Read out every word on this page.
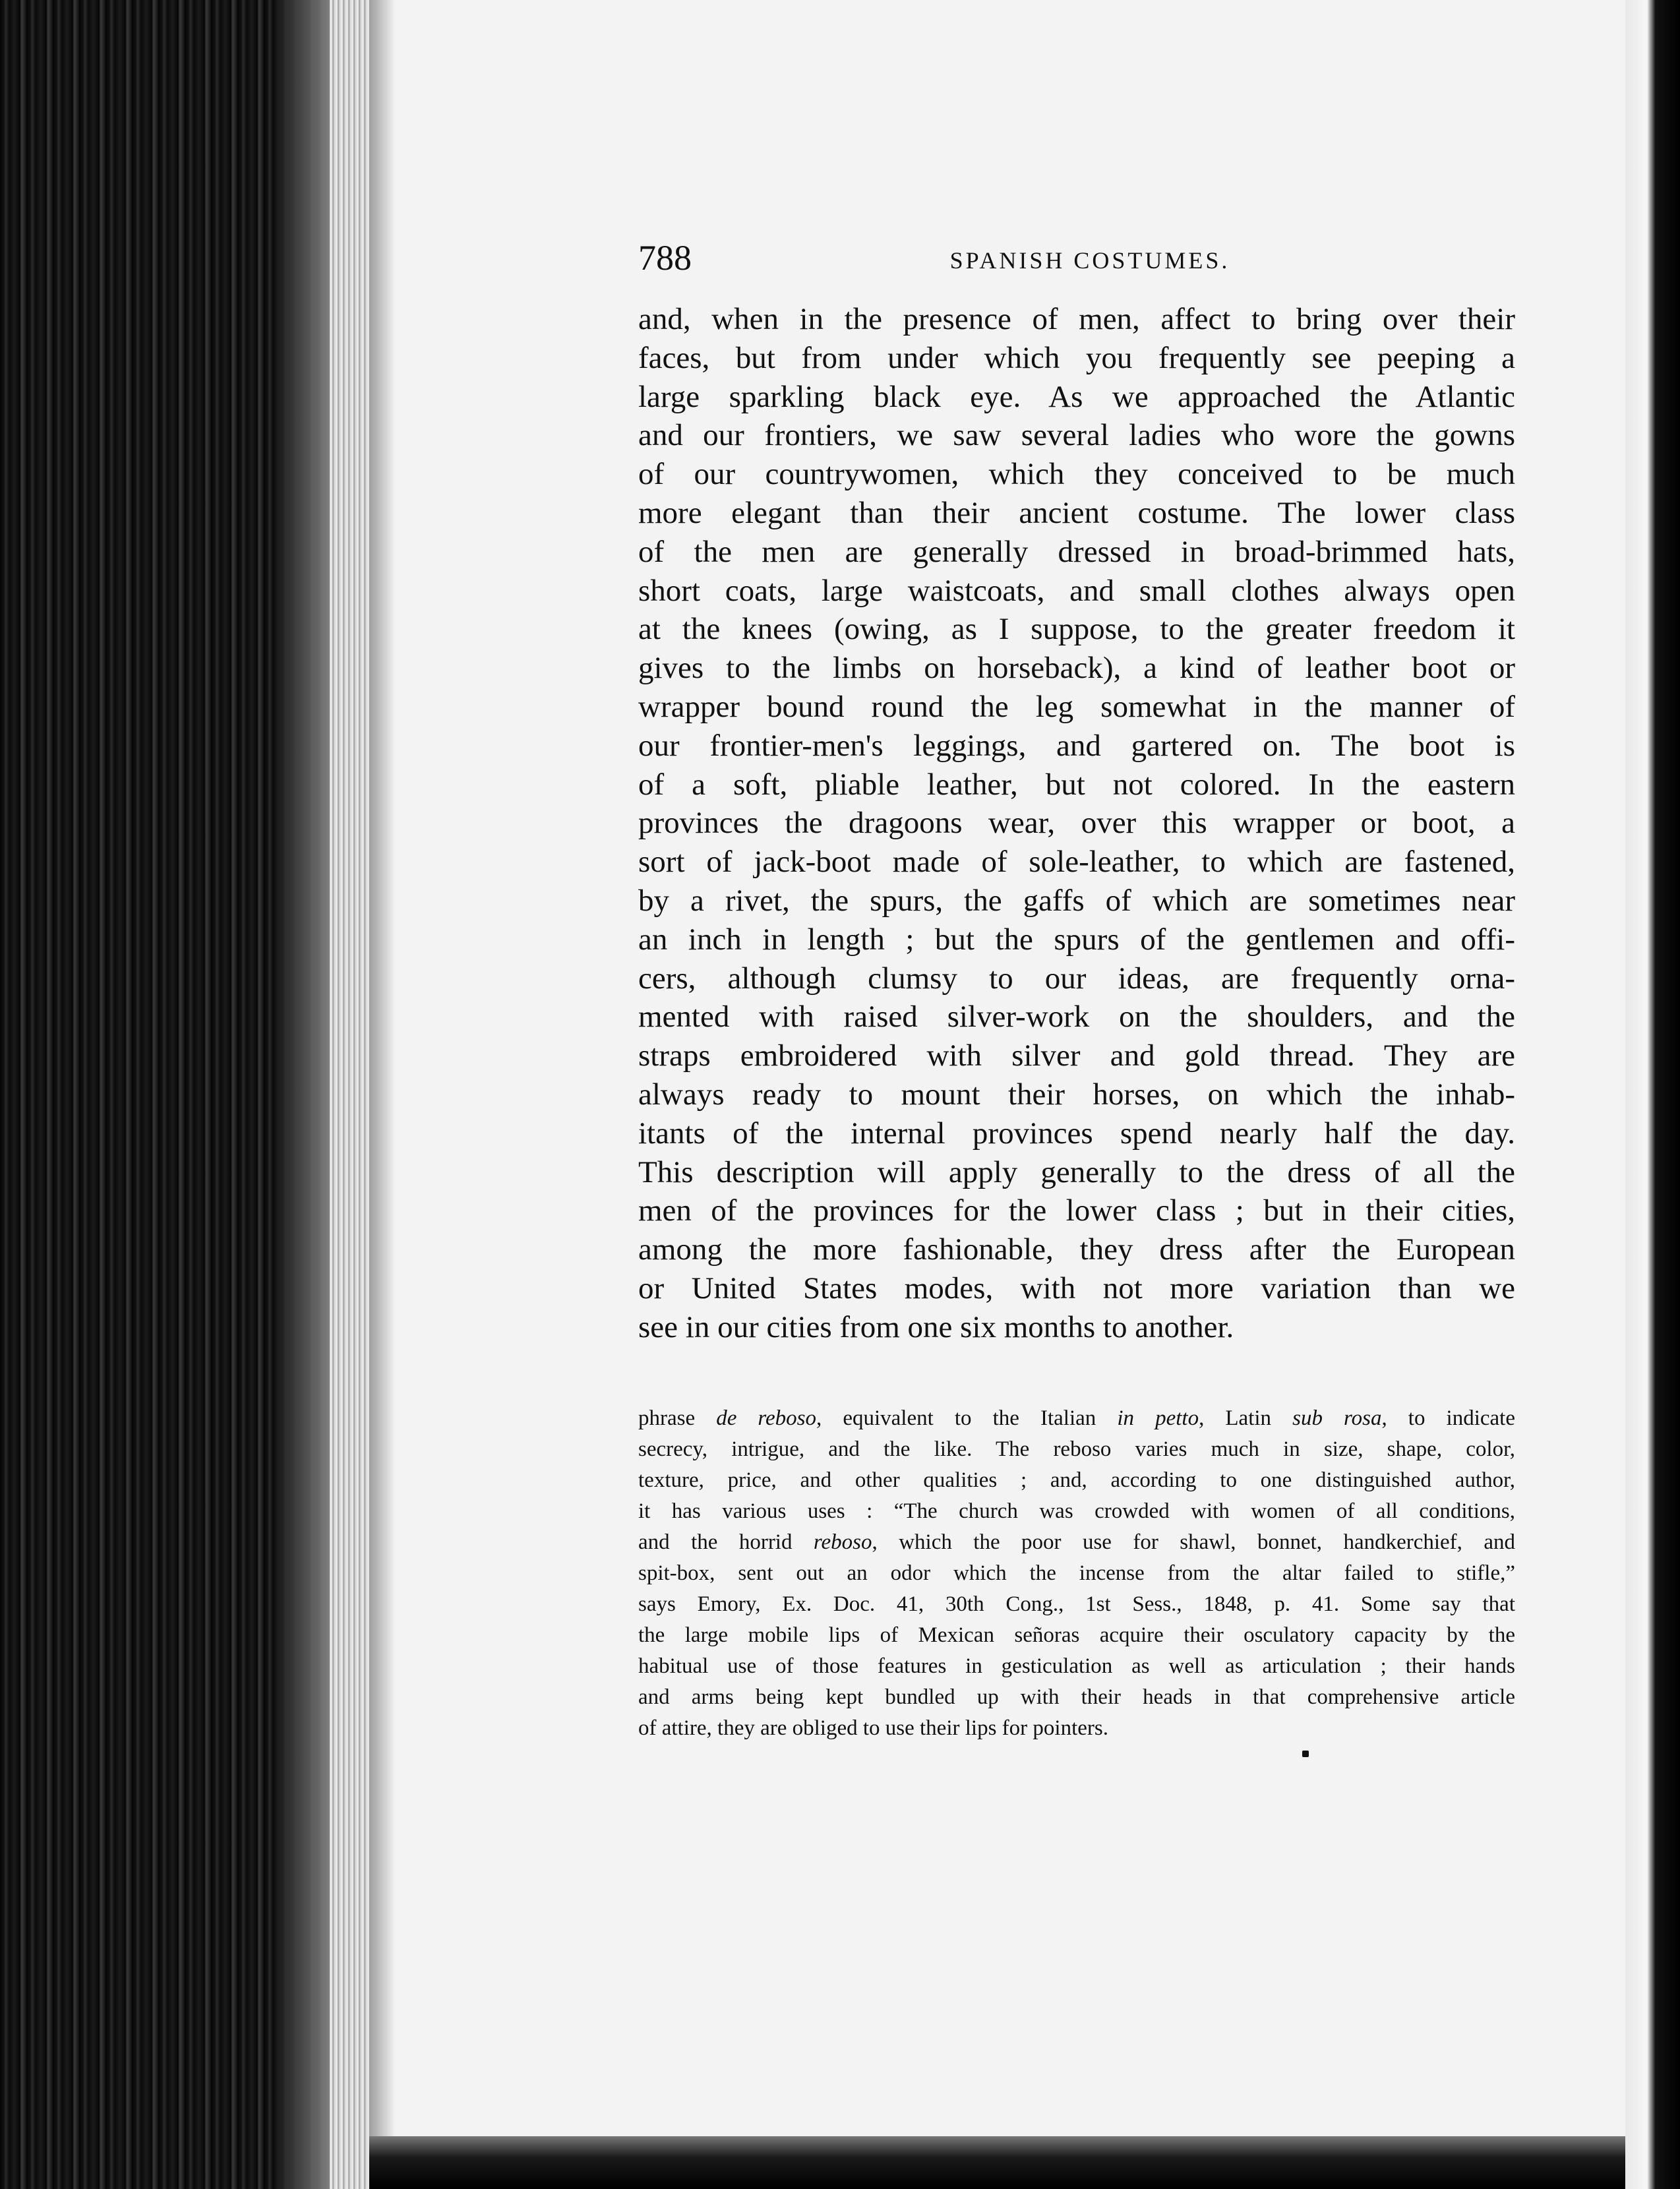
788	SPANISH COSTUMES.
and, when in the presence of men, affect to bring over their
faces, but from under which you frequently see peeping a
large sparkling black eye. As we approached the Atlantic
and our frontiers, we saw several ladies who wore the gowns
of our countrywomen, which they conceived to be much
more elegant than their ancient costume. The lower class
of the men are generally dressed in broad-brimmed hats,
short coats, large waistcoats, and small clothes always open
at the knees (owing, as I suppose, to the greater freedom it
gives to the limbs on horseback), a kind of leather boot or
wrapper bound round the leg somewhat in the manner of
our frontier-men's leggings, and gartered on. The boot is
of a soft, pliable leather, but not colored. In the eastern
provinces the dragoons wear, over this wrapper or boot, a
sort of jack-boot made of sole-leather, to which are fastened,
by a rivet, the spurs, the gaffs of which are sometimes near
an inch in length ; but the spurs of the gentlemen and offi-
cers, although clumsy to our ideas, are frequently orna-
mented with raised silver-work on the shoulders, and the
straps embroidered with silver and gold thread. They are
always ready to mount their horses, on which the inhab-
itants of the internal provinces spend nearly half the day.
This description will apply generally to the dress of all the
men of the provinces for the lower class ; but in their cities,
among the more fashionable, they dress after the European
or United States modes, with not more variation than we
see in our cities from one six months to another.
phrase de reboso, equivalent to the Italian in petto, Latin sub rosa, to indicate
secrecy, intrigue, and the like. The reboso varies much in size, shape, color,
texture, price, and other qualities ; and, according to one distinguished author,
it has various uses : “The church was crowded with women of all conditions,
and the horrid reboso, which the poor use for shawl, bonnet, handkerchief, and
spit-box, sent out an odor which the incense from the altar failed to stifle,”
says Emory, Ex. Doc. 41, 30th Cong., 1st Sess., 1848, p. 41. Some say that
the large mobile lips of Mexican señoras acquire their osculatory capacity by the
habitual use of those features in gesticulation as well as articulation ; their hands
and arms being kept bundled up with their heads in that comprehensive article
of attire, they are obliged to use their lips for pointers.
